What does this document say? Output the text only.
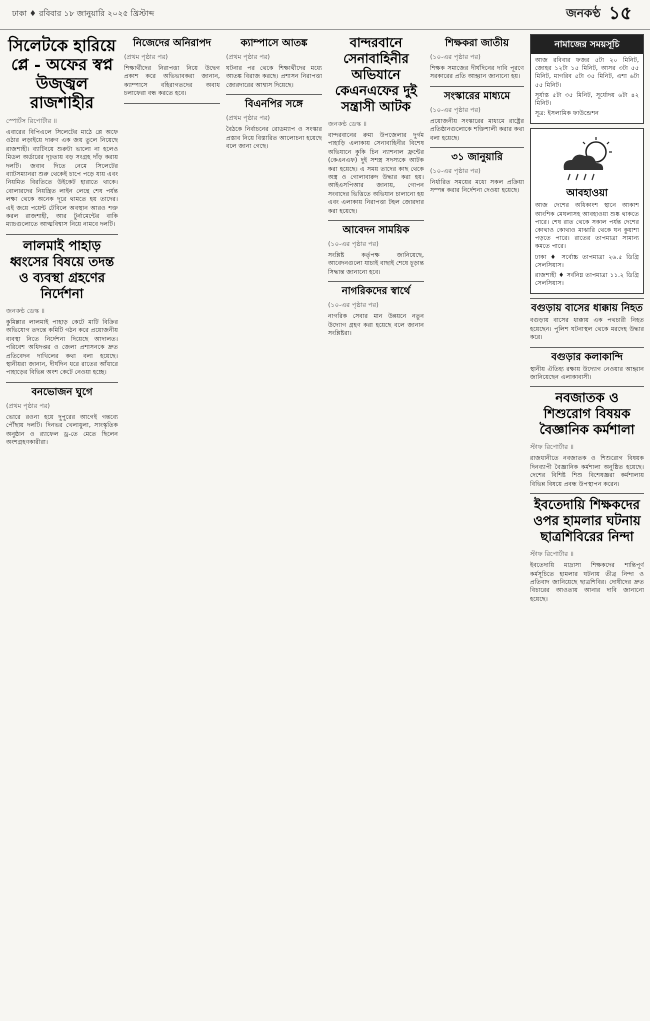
ঢাকা ♦ রবিবার ১৮ জানুয়ারি ২০২৫ খ্রিস্টাব্দ	জনকণ্ঠ ১৫
সিলেটকে হারিয়ে প্লে - অফের স্বপ্ন উজ্জ্বল রাজশাহীর
স্পোর্টস রিপোর্টার ॥

এবারের বিপিএলে সিলেটের মাঠে প্লে অফে ওঠার লড়াইয়ে দারুণ এক জয় তুলে নিয়েছে রাজশাহী। ব্যাটিংয়ে শুরুটা ভালো না হলেও মিডল অর্ডারের দৃঢ়তায় বড় সংগ্রহ দাঁড় করায় দলটি। জবাব দিতে নেমে সিলেটের ব্যাটসম্যানরা শুরু থেকেই চাপে পড়ে যায় এবং নিয়মিত বিরতিতে উইকেট হারাতে থাকে। বোলারদের নিয়ন্ত্রিত লাইন লেন্থে শেষ পর্যন্ত লক্ষ্য থেকে অনেক দূরে থামতে হয় তাদের। এই জয়ে পয়েন্ট টেবিলে অবস্থান আরও শক্ত করল রাজশাহী, আর টুর্নামেন্টের বাকি ম্যাচগুলোতে আত্মবিশ্বাস নিয়ে নামবে দলটি।

লালমাই পাহাড় ধ্বংসের বিষয়ে তদন্ত ও ব্যবস্থা গ্রহণের নির্দেশনা
জনকণ্ঠ ডেস্ক ॥

কুমিল্লার লালমাই পাহাড় কেটে মাটি বিক্রির অভিযোগ তদন্তে কমিটি গঠন করে প্রয়োজনীয় ব্যবস্থা নিতে নির্দেশনা দিয়েছে আদালত। পরিবেশ অধিদপ্তর ও জেলা প্রশাসনকে দ্রুত প্রতিবেদন দাখিলের কথা বলা হয়েছে। স্থানীয়রা জানান, দীর্ঘদিন ধরে রাতের আঁধারে পাহাড়ের বিভিন্ন অংশ কেটে নেওয়া হচ্ছে।

বনভোজন ঘুগে
(প্রথম পৃষ্ঠার পর)

ভোরে রওনা হয়ে দুপুরের আগেই গন্তব্যে পৌঁছায় দলটি। দিনভর খেলাধুলা, সাংস্কৃতিক অনুষ্ঠান ও র‍্যাফেল ড্র-তে মেতে ছিলেন অংশগ্রহণকারীরা।

নিজেদের অনিরাপদ
(প্রথম পৃষ্ঠার পর)

শিক্ষার্থীদের নিরাপত্তা নিয়ে উদ্বেগ প্রকাশ করে অভিভাবকরা জানান, ক্যাম্পাসে বহিরাগতদের অবাধ চলাফেরা বন্ধ করতে হবে।

ক্যাম্পাসে আতঙ্ক
(প্রথম পৃষ্ঠার পর)

ঘটনার পর থেকে শিক্ষার্থীদের মধ্যে আতঙ্ক বিরাজ করছে। প্রশাসন নিরাপত্তা জোরদারের আশ্বাস দিয়েছে।

বিএনপির সঙ্গে
(প্রথম পৃষ্ঠার পর)

বৈঠকে নির্বাচনের রোডম্যাপ ও সংস্কার প্রস্তাব নিয়ে বিস্তারিত আলোচনা হয়েছে বলে জানা গেছে।

বান্দরবানে সেনাবাহিনীর অভিযানে কেএনএফের দুই সন্ত্রাসী আটক
জনকণ্ঠ ডেস্ক ॥

বান্দরবানের রুমা উপজেলার দুর্গম পাহাড়ি এলাকায় সেনাবাহিনীর বিশেষ অভিযানে কুকি চিন ন্যাশনাল ফ্রন্টের (কেএনএফ) দুই সশস্ত্র সদস্যকে আটক করা হয়েছে। এ সময় তাদের কাছ থেকে অস্ত্র ও গোলাবারুদ উদ্ধার করা হয়। আইএসপিআর জানায়, গোপন সংবাদের ভিত্তিতে অভিযান চালানো হয় এবং এলাকায় নিরাপত্তা টহল জোরদার করা হয়েছে।

আবেদন সাময়িক
(১০-এর পৃষ্ঠার পর)

সংশ্লিষ্ট কর্তৃপক্ষ জানিয়েছে, আবেদনগুলো যাচাই বাছাই শেষে চূড়ান্ত সিদ্ধান্ত জানানো হবে।

নাগরিকদের স্বার্থে
(১০-এর পৃষ্ঠার পর)

নাগরিক সেবার মান উন্নয়নে নতুন উদ্যোগ গ্রহণ করা হয়েছে বলে জানান সংশ্লিষ্টরা।

শিক্ষকরা জাতীয়
(১০-এর পৃষ্ঠার পর)

শিক্ষক সমাজের দীর্ঘদিনের দাবি পূরণে সরকারের প্রতি আহ্বান জানানো হয়।

সংস্কারের মাধ্যমে
(১০-এর পৃষ্ঠার পর)

প্রয়োজনীয় সংস্কারের মাধ্যমে রাষ্ট্রের প্রতিষ্ঠানগুলোকে শক্তিশালী করার কথা বলা হয়েছে।

৩১ জানুয়ারি
(১০-এর পৃষ্ঠার পর)

নির্ধারিত সময়ের মধ্যে সকল প্রক্রিয়া সম্পন্ন করার নির্দেশনা দেওয়া হয়েছে।

নামাজের সময়সূচি

আজ রবিবার ফজর ৫টা ২০ মিনিট, জোহর ১২টা ১৫ মিনিট, আসর ৩টা ৫৫ মিনিট, মাগরিব ৫টা ৩৫ মিনিট, এশা ৬টা ৫৫ মিনিট।

সূর্যাস্ত ৫টা ৩৫ মিনিট, সূর্যোদয় ৬টা ৪২ মিনিট।

সূত্র: ইসলামিক ফাউন্ডেশন

আবহাওয়া

আজ দেশের অধিকাংশ স্থানে আকাশ আংশিক মেঘলাসহ আবহাওয়া শুষ্ক থাকতে পারে। শেষ রাত থেকে সকাল পর্যন্ত দেশের কোথাও কোথাও মাঝারি থেকে ঘন কুয়াশা পড়তে পারে। রাতের তাপমাত্রা সামান্য কমতে পারে।

ঢাকা ♦ সর্বোচ্চ তাপমাত্রা ২৬.৫ ডিগ্রি সেলসিয়াস।

রাজশাহী ♦ সর্বনিম্ন তাপমাত্রা ১১.২ ডিগ্রি সেলসিয়াস।

বগুড়ায় বাসের ধাক্কায় নিহত

বগুড়ায় বাসের ধাক্কায় এক পথচারী নিহত হয়েছেন। পুলিশ ঘটনাস্থল থেকে মরদেহ উদ্ধার করে।

বগুড়ার কলাকান্দি

স্থানীয় ঐতিহ্য রক্ষায় উদ্যোগ নেওয়ার আহ্বান জানিয়েছেন এলাকাবাসী।

নবজাতক ও শিশুরোগ বিষয়ক বৈজ্ঞানিক কর্মশালা
স্টাফ রিপোর্টার ॥

রাজধানীতে নবজাতক ও শিশুরোগ বিষয়ক দিনব্যাপী বৈজ্ঞানিক কর্মশালা অনুষ্ঠিত হয়েছে। দেশের বিশিষ্ট শিশু বিশেষজ্ঞরা কর্মশালায় বিভিন্ন বিষয়ে প্রবন্ধ উপস্থাপন করেন।

ইবতেদায়ি শিক্ষকদের ওপর হামলার ঘটনায় ছাত্রশিবিরের নিন্দা
স্টাফ রিপোর্টার ॥

ইবতেদায়ি মাদ্রাসা শিক্ষকদের শান্তিপূর্ণ কর্মসূচিতে হামলার ঘটনায় তীব্র নিন্দা ও প্রতিবাদ জানিয়েছে ছাত্রশিবির। দোষীদের দ্রুত বিচারের আওতায় আনার দাবি জানানো হয়েছে।
